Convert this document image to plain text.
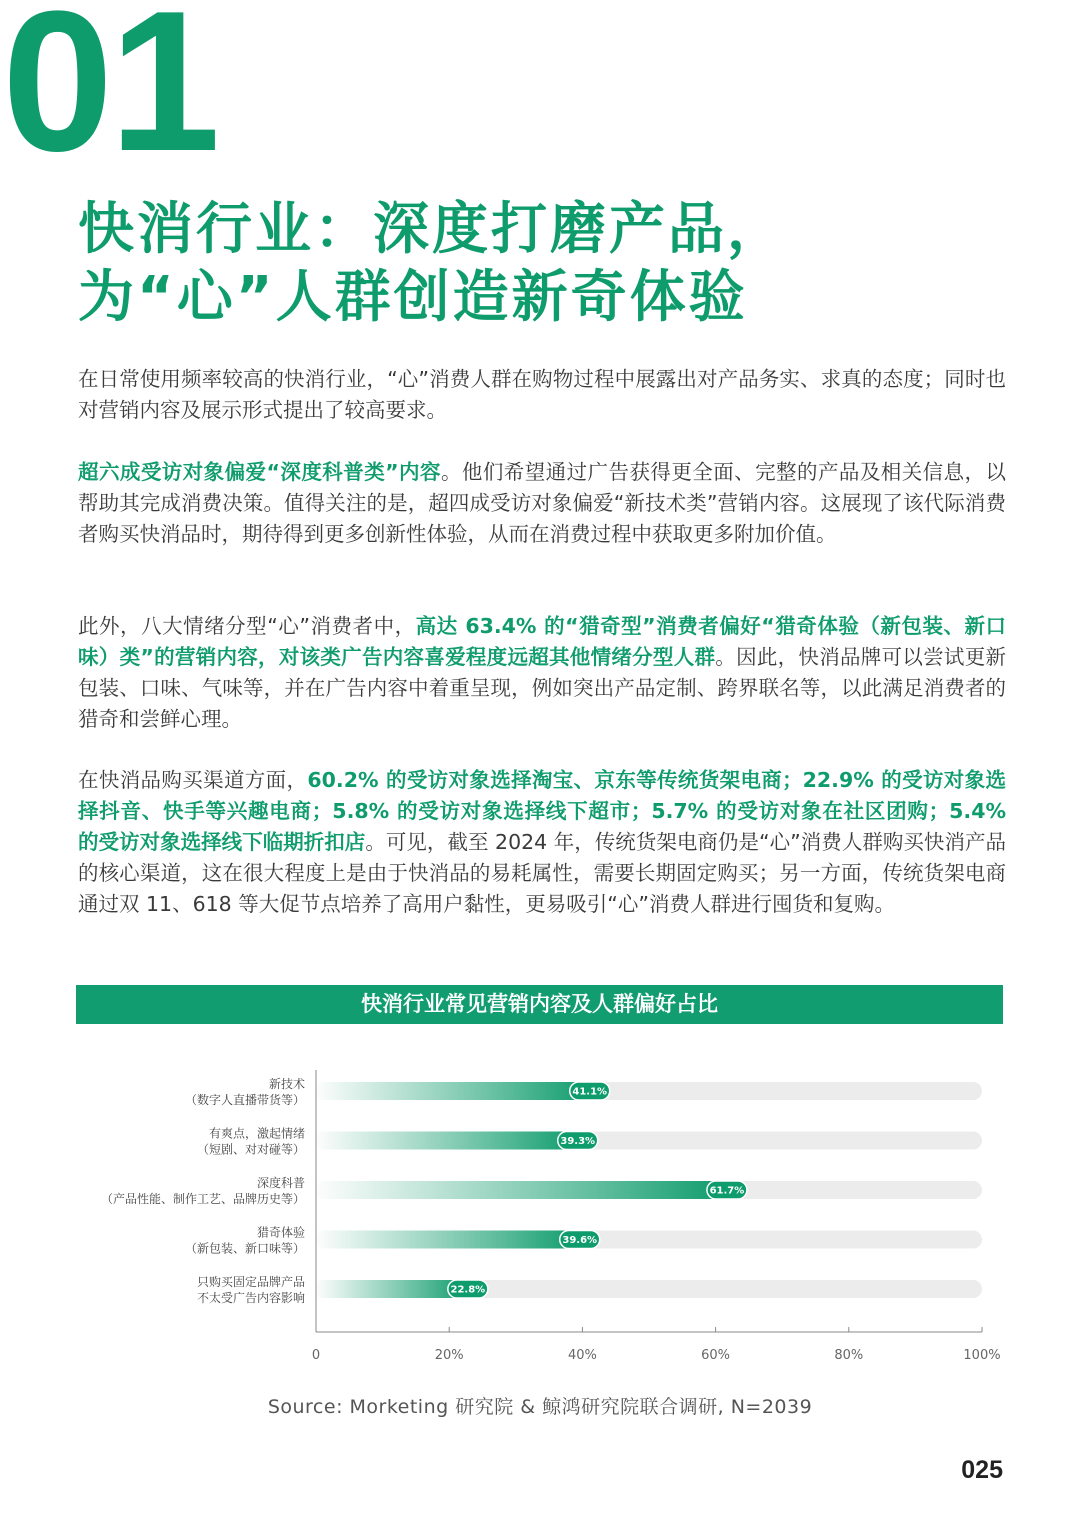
01
快消行业：深度打磨产品，
为“心”人群创造新奇体验

在日常使用频率较高的快消行业，“心”消费人群在购物过程中展露出对产品务实、求真的态度；同时也对营销内容及展示形式提出了较高要求。

超六成受访对象偏爱“深度科普类”内容。他们希望通过广告获得更全面、完整的产品及相关信息，以帮助其完成消费决策。值得关注的是，超四成受访对象偏爱“新技术类”营销内容。这展现了该代际消费者购买快消品时，期待得到更多创新性体验，从而在消费过程中获取更多附加价值。

此外，八大情绪分型“心”消费者中，高达 63.4% 的“猎奇型”消费者偏好“猎奇体验（新包装、新口味）类”的营销内容，对该类广告内容喜爱程度远超其他情绪分型人群。因此，快消品牌可以尝试更新包装、口味、气味等，并在广告内容中着重呈现，例如突出产品定制、跨界联名等，以此满足消费者的猎奇和尝鲜心理。

在快消品购买渠道方面，60.2% 的受访对象选择淘宝、京东等传统货架电商；22.9% 的受访对象选择抖音、快手等兴趣电商；5.8% 的受访对象选择线下超市；5.7% 的受访对象在社区团购；5.4% 的受访对象选择线下临期折扣店。可见，截至 2024 年，传统货架电商仍是“心”消费人群购买快消产品的核心渠道，这在很大程度上是由于快消品的易耗属性，需要长期固定购买；另一方面，传统货架电商通过双 11、618 等大促节点培养了高用户黏性，更易吸引“心”消费人群进行囤货和复购。

快消行业常见营销内容及人群偏好占比
41.1%
39.3%
61.7%
39.6%
22.8%
新技术
（数字人直播带货等）
有爽点，激起情绪
（短剧、对对碰等）
深度科普
（产品性能、制作工艺、品牌历史等）
猎奇体验
（新包装、新口味等）
只购买固定品牌产品
不太受广告内容影响
0	20%	40%	60%	80%	100%

Source: Morketing 研究院 & 鲸鸿研究院联合调研, N=2039

025
